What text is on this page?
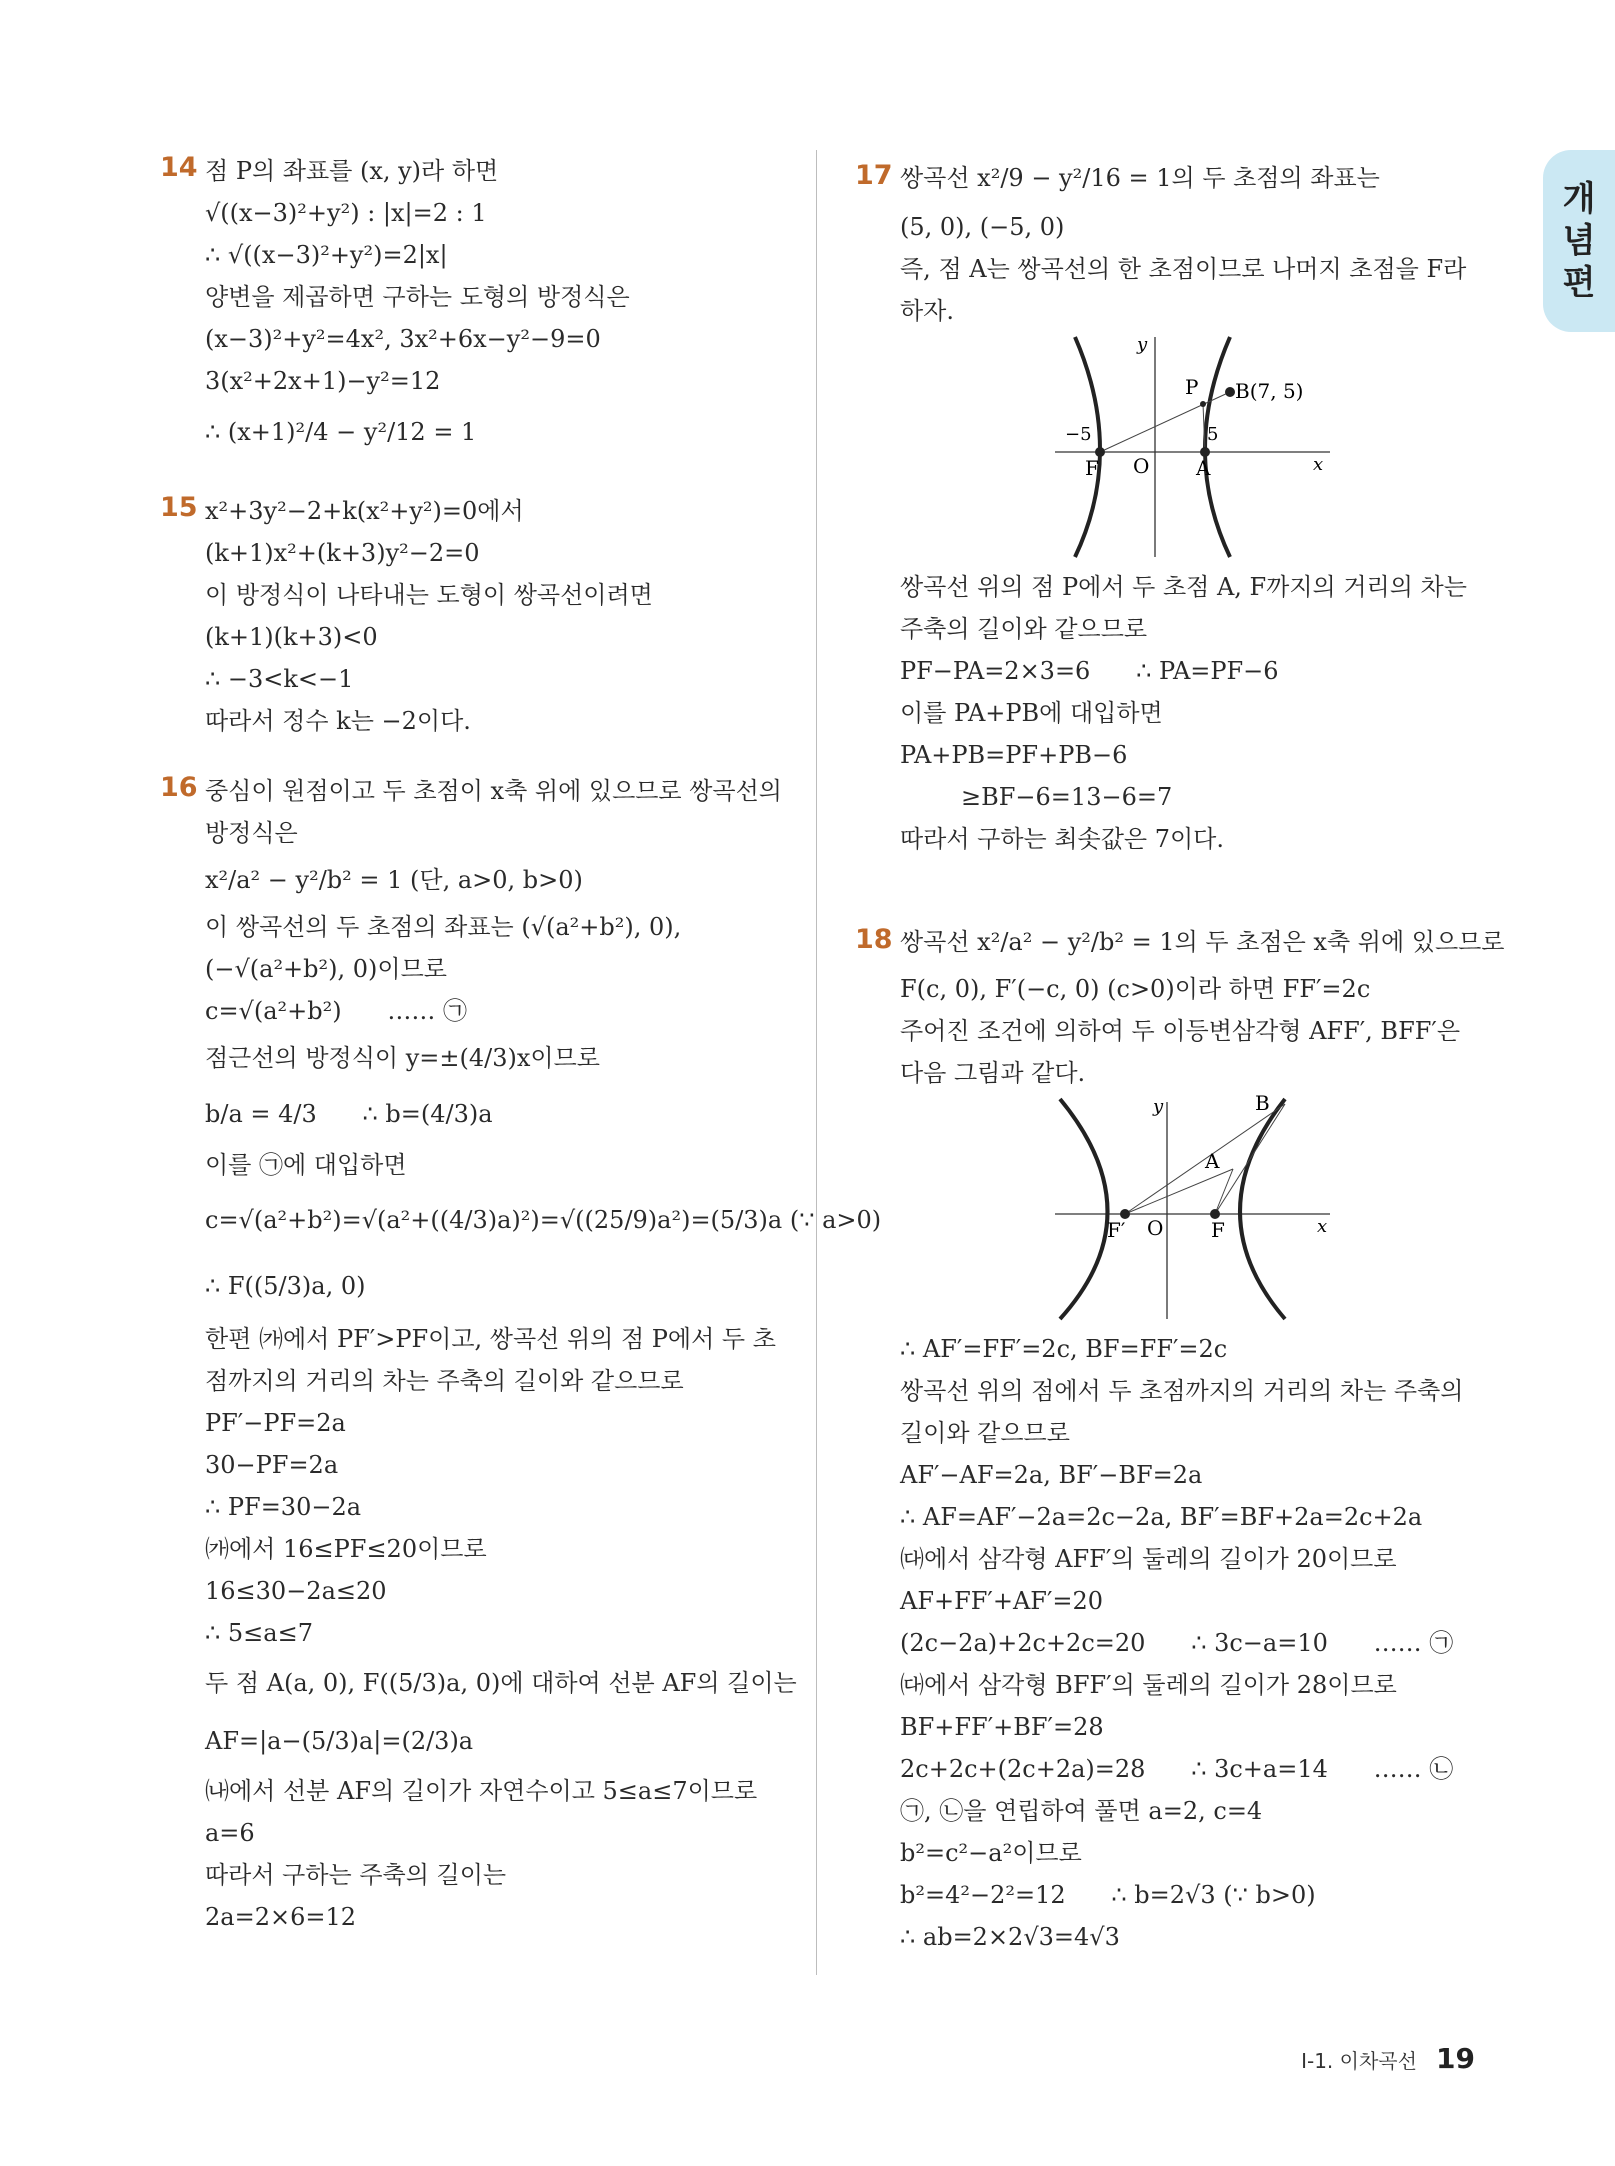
개
념
편
14 점 P의 좌표를 (x, y)라 하면
√((x−3)²+y²) : |x|=2 : 1
∴ √((x−3)²+y²)=2|x|
양변을 제곱하면 구하는 도형의 방정식은
(x−3)²+y²=4x², 3x²+6x−y²−9=0
3(x²+2x+1)−y²=12
∴ (x+1)²/4 − y²/12 = 1
15 x²+3y²−2+k(x²+y²)=0에서
(k+1)x²+(k+3)y²−2=0
이 방정식이 나타내는 도형이 쌍곡선이려면
(k+1)(k+3)<0
∴ −3<k<−1
따라서 정수 k는 −2이다.
16 중심이 원점이고 두 초점이 x축 위에 있으므로 쌍곡선의
방정식은
x²/a² − y²/b² = 1 (단, a>0, b>0)
이 쌍곡선의 두 초점의 좌표는 (√(a²+b²), 0),
(−√(a²+b²), 0)이므로
c=√(a²+b²)      …… ㉠
점근선의 방정식이 y=±(4/3)x이므로
b/a = 4/3      ∴ b=(4/3)a
이를 ㉠에 대입하면
c=√(a²+b²)=√(a²+((4/3)a)²)=√((25/9)a²)=(5/3)a (∵ a>0)
∴ F((5/3)a, 0)
한편 ㈎에서 PF′>PF이고, 쌍곡선 위의 점 P에서 두 초
점까지의 거리의 차는 주축의 길이와 같으므로
PF′−PF=2a
30−PF=2a
∴ PF=30−2a
㈎에서 16≤PF≤20이므로
16≤30−2a≤20
∴ 5≤a≤7
두 점 A(a, 0), F((5/3)a, 0)에 대하여 선분 AF의 길이는
AF=|a−(5/3)a|=(2/3)a
㈏에서 선분 AF의 길이가 자연수이고 5≤a≤7이므로
a=6
따라서 구하는 주축의 길이는
2a=2×6=12
17 쌍곡선 x²/9 − y²/16 = 1의 두 초점의 좌표는
(5, 0), (−5, 0)
즉, 점 A는 쌍곡선의 한 초점이므로 나머지 초점을 F라
하자.
y
x
P B(7, 5)
−5	5
F O A
쌍곡선 위의 점 P에서 두 초점 A, F까지의 거리의 차는
주축의 길이와 같으므로
PF−PA=2×3=6      ∴ PA=PF−6
이를 PA+PB에 대입하면
PA+PB=PF+PB−6
≥BF−6=13−6=7
따라서 구하는 최솟값은 7이다.
18 쌍곡선 x²/a² − y²/b² = 1의 두 초점은 x축 위에 있으므로
F(c, 0), F′(−c, 0) (c>0)이라 하면 FF′=2c
주어진 조건에 의하여 두 이등변삼각형 AFF′, BFF′은
다음 그림과 같다.
y
x
B
A
F′ O F
∴ AF′=FF′=2c, BF=FF′=2c
쌍곡선 위의 점에서 두 초점까지의 거리의 차는 주축의
길이와 같으므로
AF′−AF=2a, BF′−BF=2a
∴ AF=AF′−2a=2c−2a, BF′=BF+2a=2c+2a
㈐에서 삼각형 AFF′의 둘레의 길이가 20이므로
AF+FF′+AF′=20
(2c−2a)+2c+2c=20      ∴ 3c−a=10      …… ㉠
㈐에서 삼각형 BFF′의 둘레의 길이가 28이므로
BF+FF′+BF′=28
2c+2c+(2c+2a)=28      ∴ 3c+a=14      …… ㉡
㉠, ㉡을 연립하여 풀면 a=2, c=4
b²=c²−a²이므로
b²=4²−2²=12      ∴ b=2√3 (∵ b>0)
∴ ab=2×2√3=4√3
Ⅰ-1. 이차곡선 19
